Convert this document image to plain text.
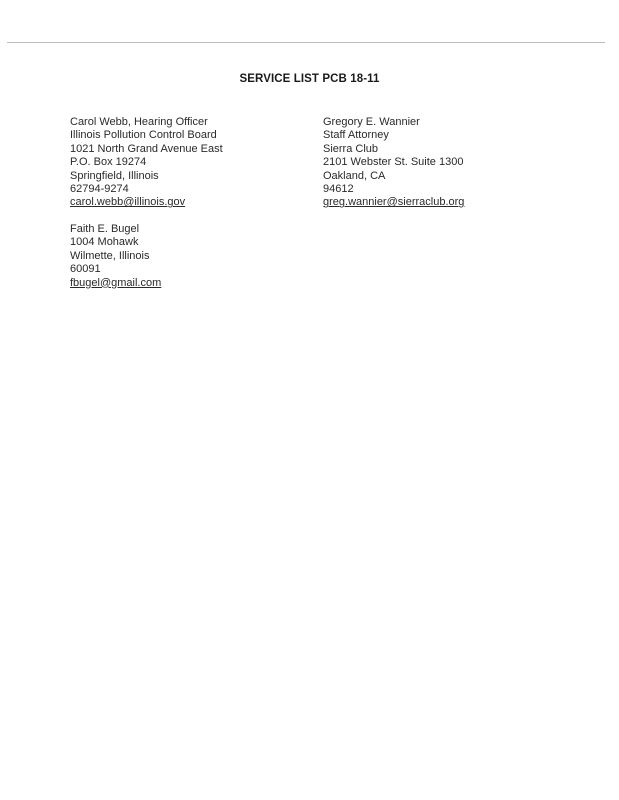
SERVICE LIST PCB 18-11
Carol Webb, Hearing Officer
Illinois Pollution Control Board
1021 North Grand Avenue East
P.O. Box 19274
Springfield, Illinois
62794-9274
carol.webb@illinois.gov
Gregory E. Wannier
Staff Attorney
Sierra Club
2101 Webster St. Suite 1300
Oakland, CA
94612
greg.wannier@sierraclub.org
Faith E. Bugel
1004 Mohawk
Wilmette, Illinois
60091
fbugel@gmail.com
